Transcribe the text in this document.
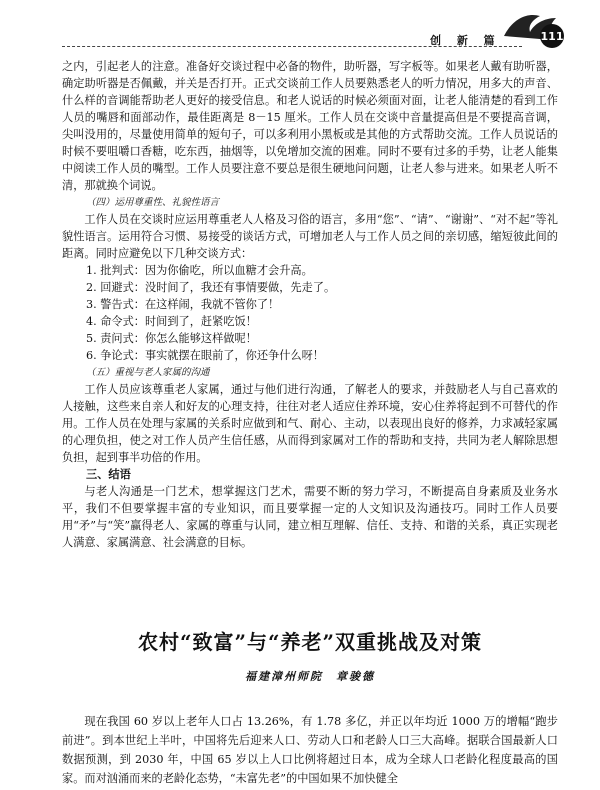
111
创 新 篇

之内，引起老人的注意。准备好交谈过程中必备的物件，助听器，写字板等。如果老人戴有助听器，确定助听器是否佩戴，并关是否打开。正式交谈前工作人员要熟悉老人的听力情况，用多大的声音、什么样的音调能帮助老人更好的接受信息。和老人说话的时候必须面对面，让老人能清楚的看到工作人员的嘴唇和面部动作，最佳距离是 8－15 厘米。工作人员在交谈中音量提高但是不要提高音调，尖叫没用的，尽量使用简单的短句子，可以多利用小黑板或是其他的方式帮助交流。工作人员说话的时候不要咀嚼口香糖，吃东西，抽烟等，以免增加交流的困难。同时不要有过多的手势，让老人能集中阅读工作人员的嘴型。工作人员要注意不要总是很生硬地问问题，让老人参与进来。如果老人听不清，那就换个词说。

（四）运用尊重性、礼貌性语言

工作人员在交谈时应运用尊重老人人格及习俗的语言，多用“您”、“请”、“谢谢”、“对不起”等礼貌性语言。运用符合习惯、易接受的谈话方式，可增加老人与工作人员之间的亲切感，缩短彼此间的距离。同时应避免以下几种交谈方式：

1. 批判式：因为你偷吃，所以血糖才会升高。
2. 回避式：没时间了，我还有事情要做，先走了。
3. 警告式：在这样闹，我就不管你了！
4. 命令式：时间到了，赶紧吃饭！
5. 责问式：你怎么能够这样做呢！
6. 争论式：事实就摆在眼前了，你还争什么呀！

（五）重视与老人家属的沟通

工作人员应该尊重老人家属，通过与他们进行沟通，了解老人的要求，并鼓励老人与自己喜欢的人接触，这些来自亲人和好友的心理支持，往往对老人适应住养环境，安心住养将起到不可替代的作用。工作人员在处理与家属的关系时应做到和气、耐心、主动，以表现出良好的修养，力求减轻家属的心理负担，使之对工作人员产生信任感，从而得到家属对工作的帮助和支持，共同为老人解除思想负担，起到事半功倍的作用。

三、结语

与老人沟通是一门艺术，想掌握这门艺术，需要不断的努力学习，不断提高自身素质及业务水平，我们不但要掌握丰富的专业知识，而且要掌握一定的人文知识及沟通技巧。同时工作人员要用“矛”与“笑”赢得老人、家属的尊重与认同，建立相互理解、信任、支持、和谐的关系，真正实现老人满意、家属满意、社会满意的目标。

农村“致富”与“养老”双重挑战及对策
福建漳州师院　章骏德

现在我国 60 岁以上老年人口占 13.26%，有 1.78 多亿，并正以年均近 1000 万的增幅“跑步前进”。到本世纪上半叶，中国将先后迎来人口、劳动人口和老龄人口三大高峰。据联合国最新人口数据预测，到 2030 年，中国 65 岁以上人口比例将超过日本，成为全球人口老龄化程度最高的国家。而对汹涌而来的老龄化态势，“未富先老”的中国如果不加快健全
